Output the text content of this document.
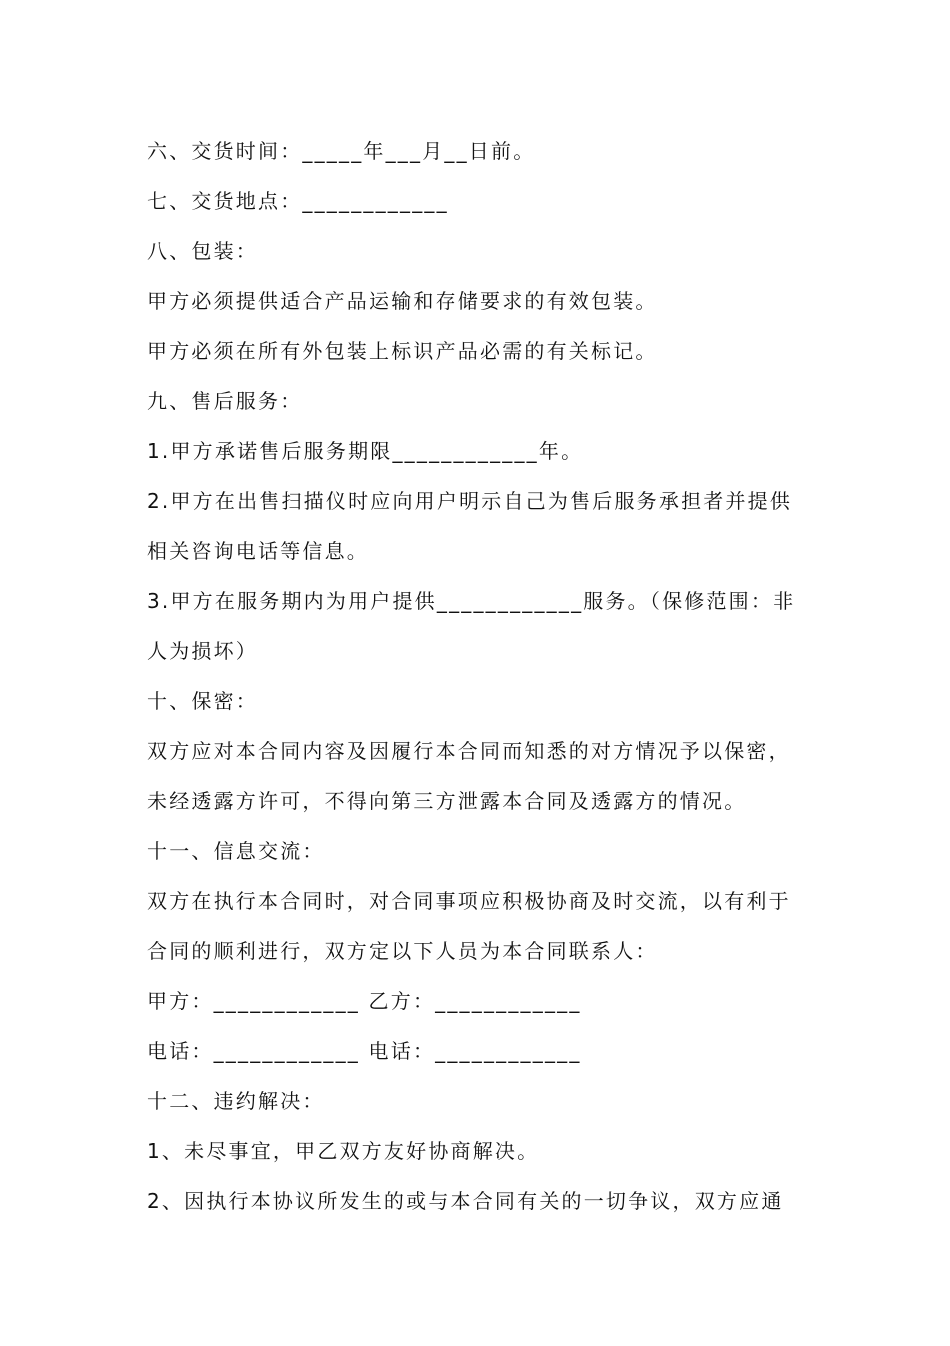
六、交货时间：_____年___月__日前。
七、交货地点：____________
八、包装：
甲方必须提供适合产品运输和存储要求的有效包装。
甲方必须在所有外包装上标识产品必需的有关标记。
九、售后服务：
1.甲方承诺售后服务期限____________年。
2.甲方在出售扫描仪时应向用户明示自己为售后服务承担者并提供
相关咨询电话等信息。
3.甲方在服务期内为用户提供____________服务。（保修范围：非
人为损坏）
十、保密：
双方应对本合同内容及因履行本合同而知悉的对方情况予以保密，
未经透露方许可，不得向第三方泄露本合同及透露方的情况。
十一、信息交流：
双方在执行本合同时，对合同事项应积极协商及时交流，以有利于
合同的顺利进行，双方定以下人员为本合同联系人：
甲方：____________ 乙方：____________
电话：____________ 电话：____________
十二、违约解决：
1、未尽事宜，甲乙双方友好协商解决。
2、因执行本协议所发生的或与本合同有关的一切争议，双方应通
